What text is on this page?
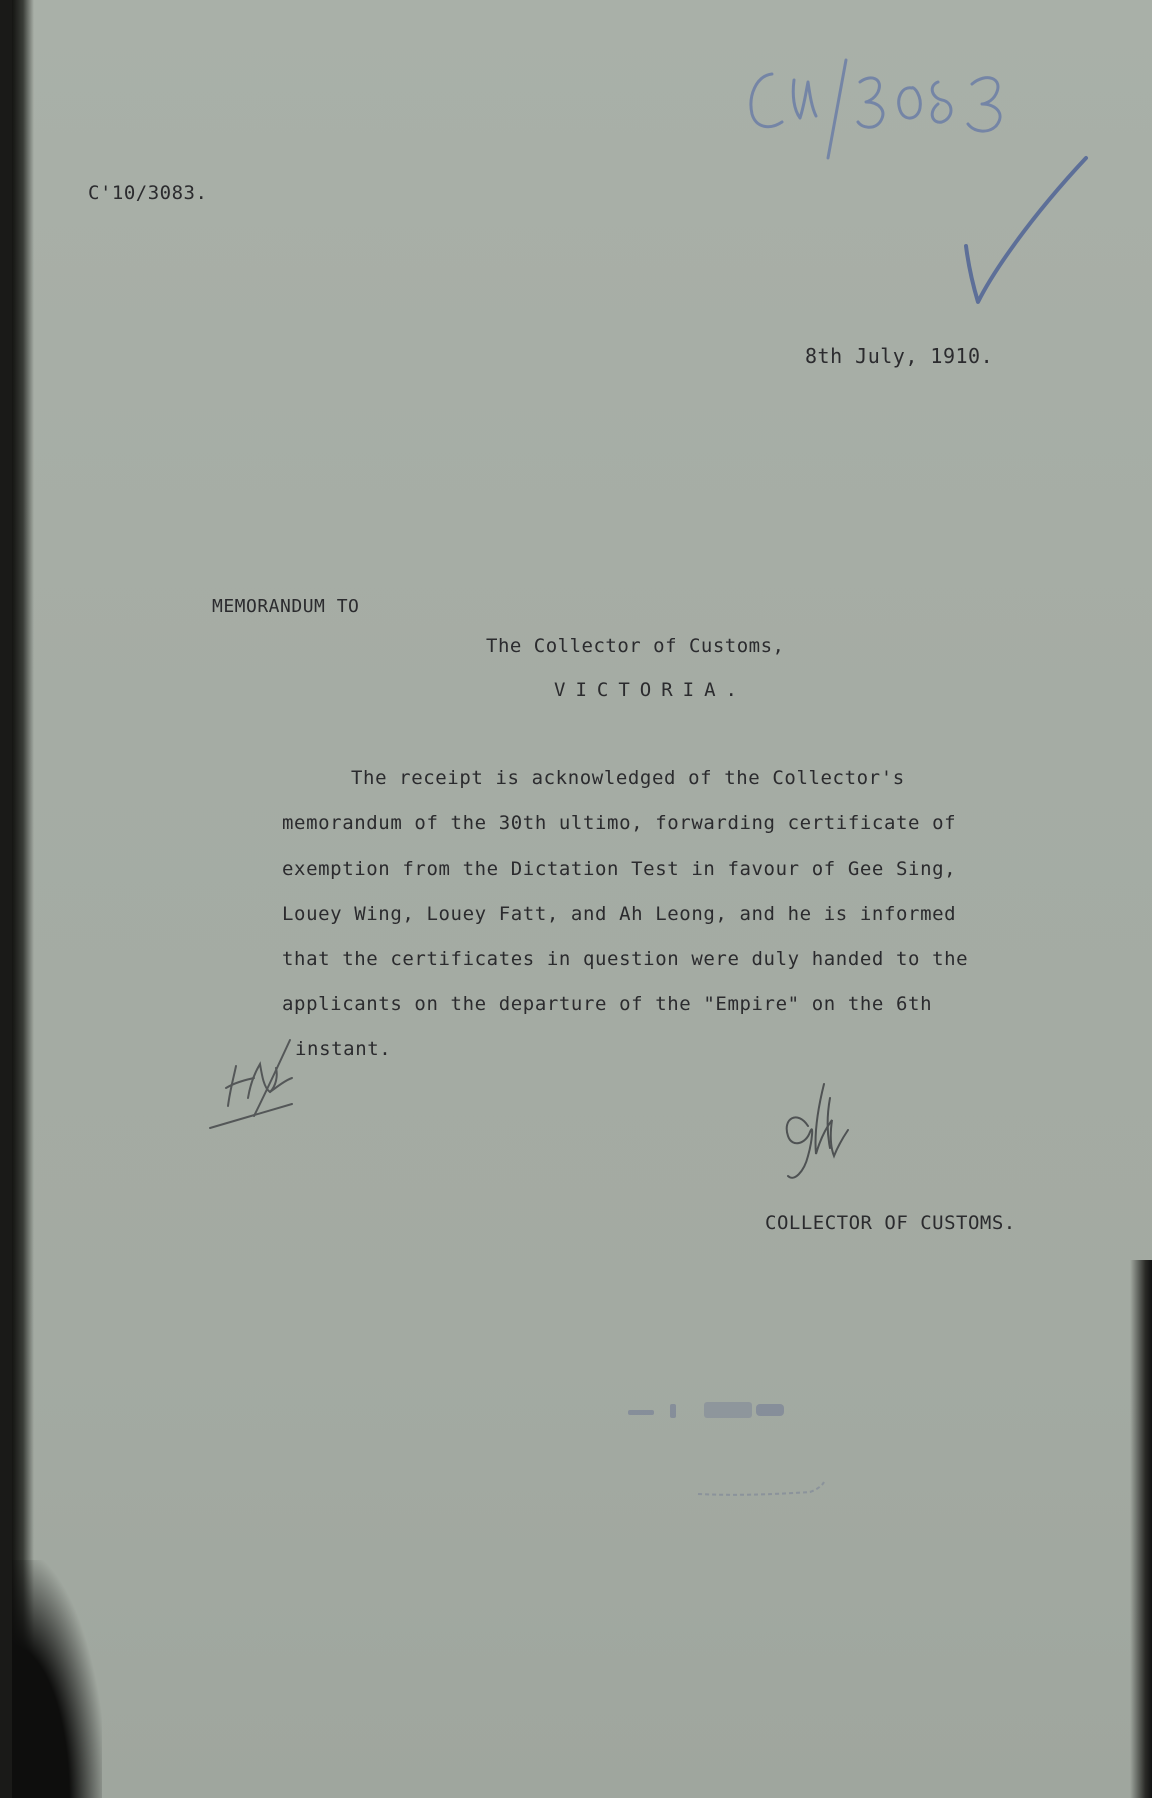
C'10/3083.
8th July, 1910.
MEMORANDUM TO
The Collector of Customs,
VICTORIA.
The receipt is acknowledged of the Collector's
memorandum of the 30th ultimo, forwarding certificate of
exemption from the Dictation Test in favour of Gee Sing,
Louey Wing, Louey Fatt, and Ah Leong, and he is informed
that the certificates in question were duly handed to the
applicants on the departure of the "Empire" on the 6th
instant.
COLLECTOR OF CUSTOMS.
